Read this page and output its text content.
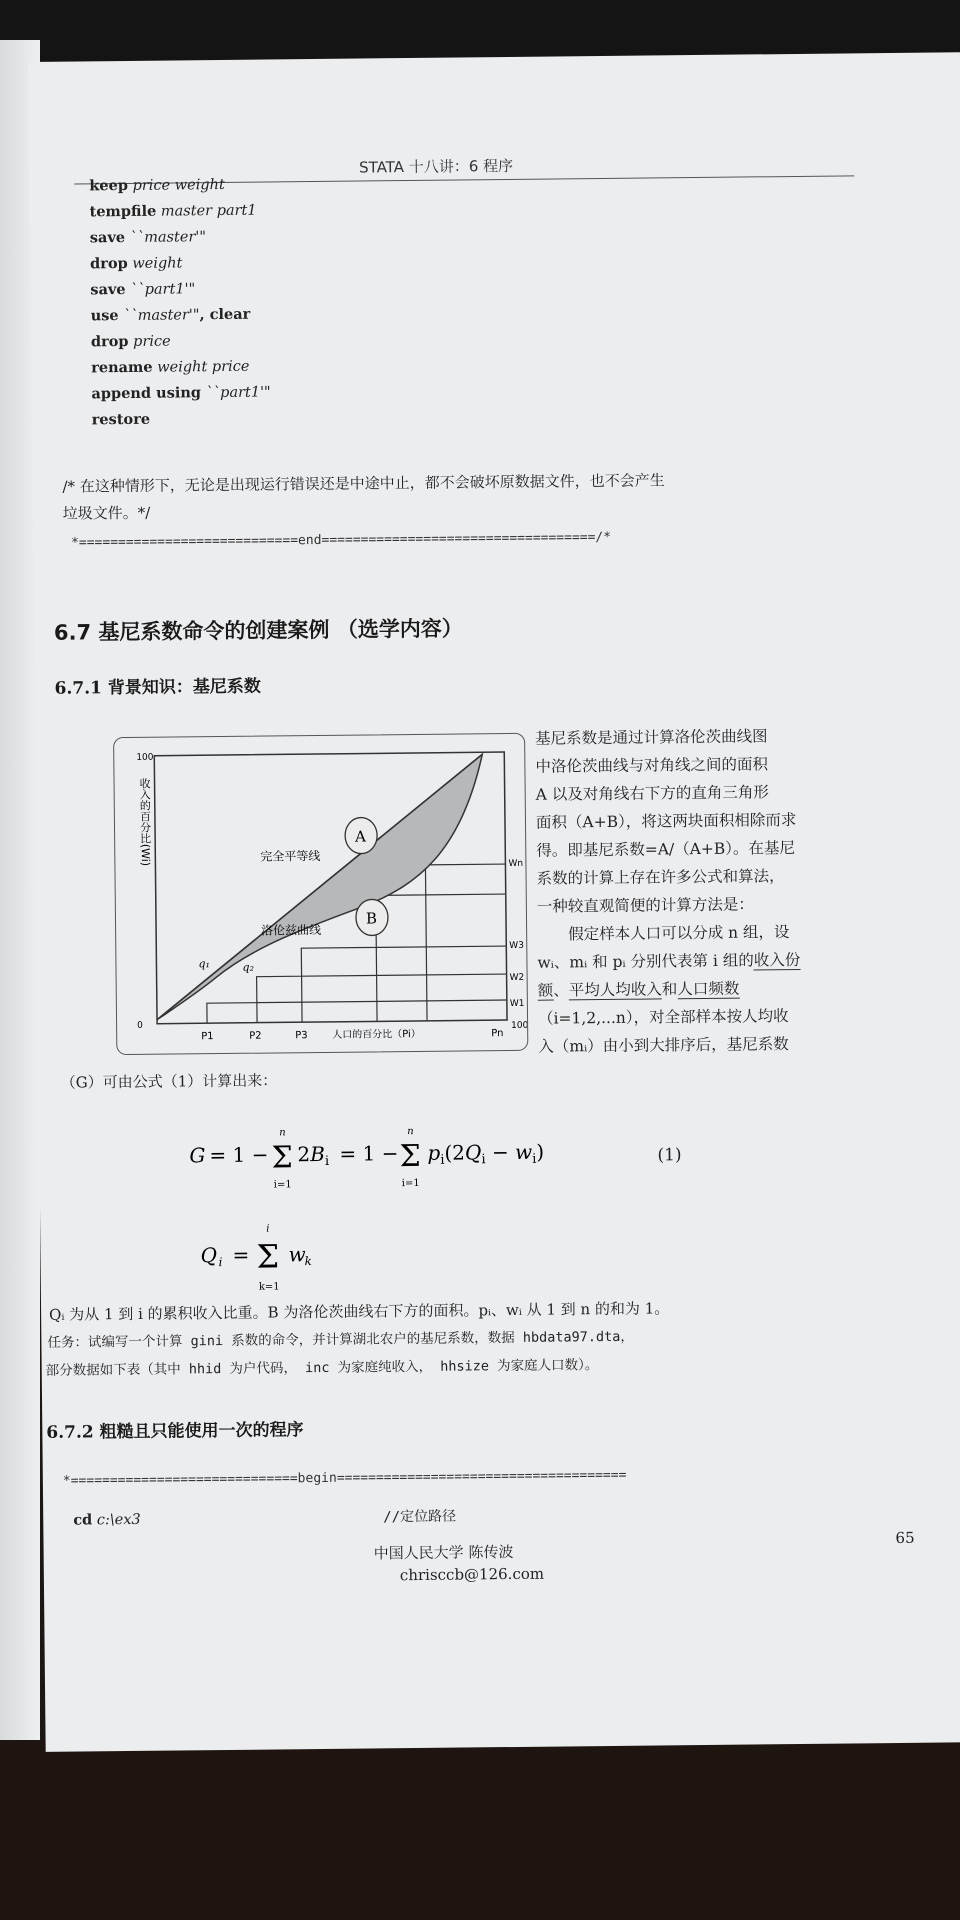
STATA 十八讲：6 程序
keep price weight
tempfile master part1
save ``master'"
drop weight
save ``part1'"
use ``master'", clear
drop price
rename weight price
append using ``part1'"
restore
/* 在这种情形下，无论是出现运行错误还是中途中止，都不会破坏原数据文件，也不会产生
垃圾文件。*/
*============================end===================================/*
6.7 基尼系数命令的创建案例 （选学内容）
6.7.1 背景知识：基尼系数
A
B
完全平等线
洛伦兹曲线
q₁	q₂
100
0
收入的百分比(Wi)
P1	P2	P3 人口的百分比（Pi）	Pn
100
Wn
W3
W2
W1
基尼系数是通过计算洛伦茨曲线图
中洛伦茨曲线与对角线之间的面积
A 以及对角线右下方的直角三角形
面积（A+B），将这两块面积相除而求
得。即基尼系数=A/（A+B）。在基尼
系数的计算上存在许多公式和算法，
一种较直观简便的计算方法是：
　　假定样本人口可以分成 n 组，设
wᵢ、mᵢ 和 pᵢ 分别代表第 i 组的收入份
额、平均人均收入和人口频数
（i=1,2,...n），对全部样本按人均收
入（mᵢ）由小到大排序后，基尼系数
（G）可由公式（1）计算出来：
G = 1 − Σ
n
i=1
$2B_i = 1 - \Sigma$
n
i=1
$p_i(2Q_i - w_i)$	(1)
Q i = Σ
i
k=1
w
k
Qᵢ 为从 1 到 i 的累积收入比重。B 为洛伦茨曲线右下方的面积。pᵢ、wᵢ 从 1 到 n 的和为 1。
任务：试编写一个计算 gini 系数的命令，并计算湖北农户的基尼系数，数据 hbdata97.dta，
部分数据如下表（其中 hhid 为户代码， inc 为家庭纯收入， hhsize 为家庭人口数）。
6.7.2 粗糙且只能使用一次的程序
*=============================begin=====================================
cd c:\ex3	//定位路径
中国人民大学 陈传波
chrisccb@126.com
65
